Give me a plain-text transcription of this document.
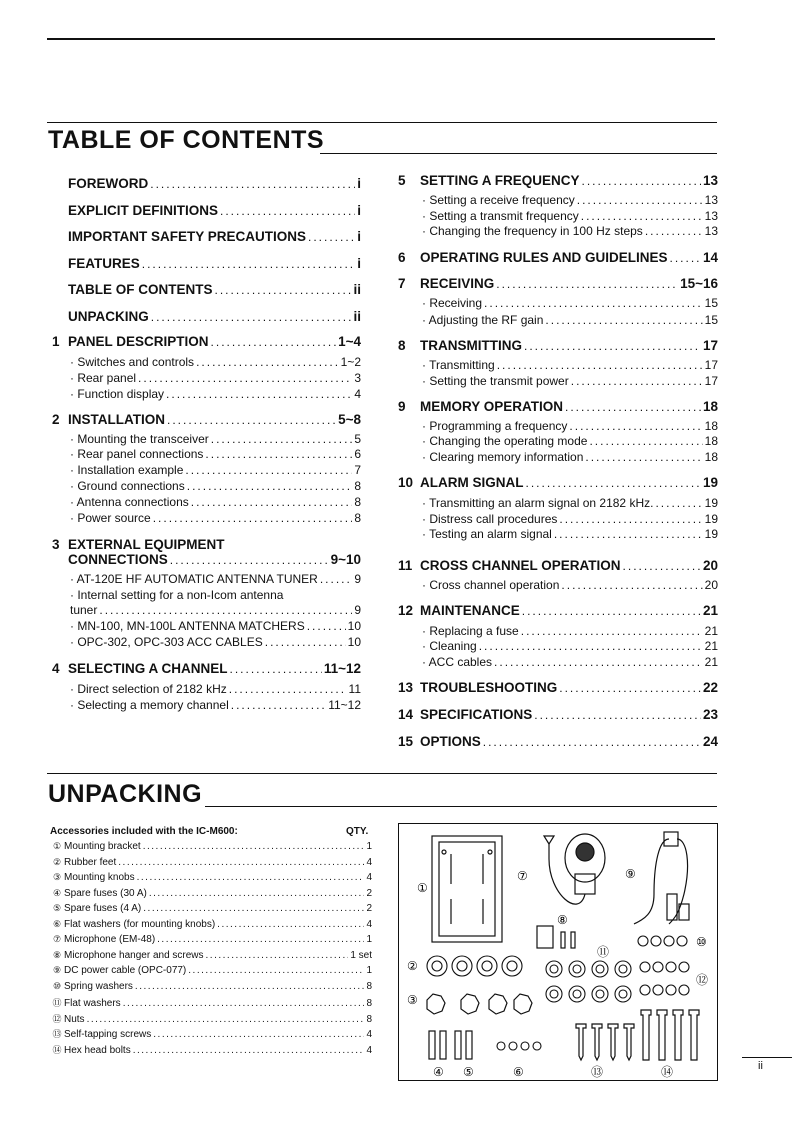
TABLE OF CONTENTS
FOREWORD .....	i
EXPLICIT DEFINITIONS .....	i
IMPORTANT SAFETY PRECAUTIONS .....	i
FEATURES .....	i
TABLE OF CONTENTS .....	ii
UNPACKING .....	ii
1 PANEL DESCRIPTION .....	1~4
· Switches and controls .....	1~2
· Rear panel .....	3
· Function display .....	4
2 INSTALLATION .....	5~8
· Mounting the transceiver .....	5
· Rear panel connections .....	6
· Installation example .....	7
· Ground connections .....	8
· Antenna connections .....	8
· Power source .....	8
3 EXTERNAL EQUIPMENT
CONNECTIONS .....	9~10
· AT-120E HF AUTOMATIC ANTENNA TUNER .....	9
· Internal setting for a non-Icom antenna
tuner .....	9
· MN-100, MN-100L ANTENNA MATCHERS .....	10
· OPC-302, OPC-303 ACC CABLES .....	10
4 SELECTING A CHANNEL .....	11~12
· Direct selection of 2182 kHz .....	11
· Selecting a memory channel .....	11~12
5 SETTING A FREQUENCY .....	13
· Setting a receive frequency .....	13
· Setting a transmit frequency .....	13
· Changing the frequency in 100 Hz steps .....	13
6 OPERATING RULES AND GUIDELINES .....	14
7 RECEIVING .....	15~16
· Receiving .....	15
· Adjusting the RF gain .....	15
8 TRANSMITTING .....	17
· Transmitting .....	17
· Setting the transmit power .....	17
9 MEMORY OPERATION .....	18
· Programming a frequency .....	18
· Changing the operating mode .....	18
· Clearing memory information .....	18
10 ALARM SIGNAL .....	19
· Transmitting an alarm signal on 2182 kHz. .....	19
· Distress call procedures .....	19
· Testing an alarm signal .....	19
11 CROSS CHANNEL OPERATION .....	20
· Cross channel operation .....	20
12 MAINTENANCE .....	21
· Replacing a fuse .....	21
· Cleaning .....	21
· ACC cables .....	21
13 TROUBLESHOOTING .....	22
14 SPECIFICATIONS .....	23
15 OPTIONS .....	24
UNPACKING
Accessories included with the IC-M600:	QTY.
① Mounting bracket .....	1
② Rubber feet .....	4
③ Mounting knobs .....	4
④ Spare fuses (30 A) .....	2
⑤ Spare fuses (4 A) .....	2
⑥ Flat washers (for mounting knobs) .....	4
⑦ Microphone (EM-48) .....	1
⑧ Microphone hanger and screws .....	1 set
⑨ DC power cable (OPC-077) .....	1
⑩ Spring washers .....	8
⑪ Flat washers .....	8
⑫ Nuts .....	8
⑬ Self-tapping screws .....	4
⑭ Hex head bolts .....	4
①
②
③
④ ⑤	⑥
⑦
⑧
⑨
⑩
⑪
⑫
⑬	⑭	ii
